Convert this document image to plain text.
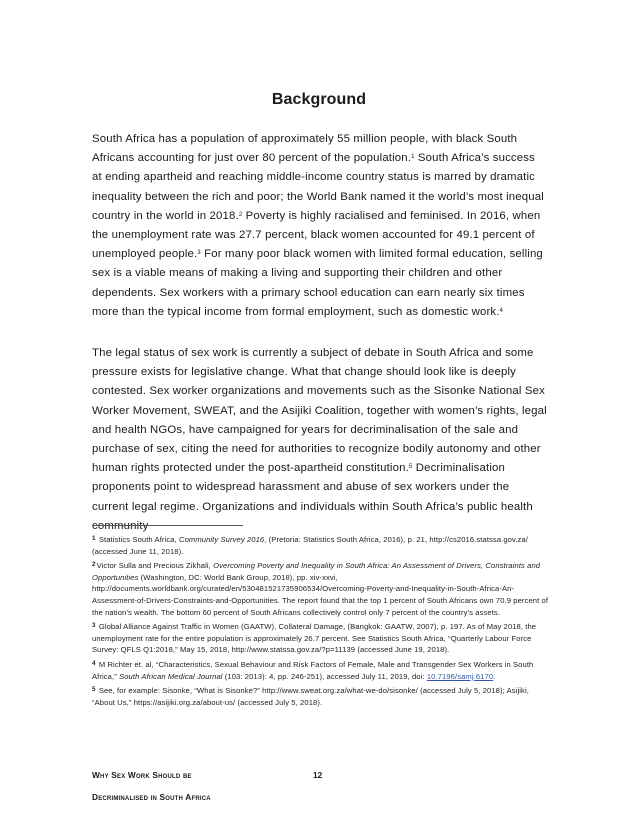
Background

South Africa has a population of approximately 55 million people, with black South Africans accounting for just over 80 percent of the population.$^1$ South Africa’s success at ending apartheid and reaching middle-income country status is marred by dramatic inequality between the rich and poor; the World Bank named it the world’s most inequal country in the world in 2018.$^2$ Poverty is highly racialised and feminised. In 2016, when the unemployment rate was 27.7 percent, black women accounted for 49.1 percent of unemployed people.$^3$ For many poor black women with limited formal education, selling sex is a viable means of making a living and supporting their children and other dependents. Sex workers with a primary school education can earn nearly six times more than the typical income from formal employment, such as domestic work.$^4$

The legal status of sex work is currently a subject of debate in South Africa and some pressure exists for legislative change. What that change should look like is deeply contested. Sex worker organizations and movements such as the Sisonke National Sex Worker Movement, SWEAT, and the Asijiki Coalition, together with women’s rights, legal and health NGOs, have campaigned for years for decriminalisation of the sale and purchase of sex, citing the need for authorities to recognize bodily autonomy and other human rights protected under the post-apartheid constitution.$^5$ Decriminalisation proponents point to widespread harassment and abuse of sex workers under the current legal regime. Organizations and individuals within South Africa’s public health community

$^1$ Statistics South Africa, Community Survey 2016, (Pretoria: Statistics South Africa, 2016), p. 21, http://cs2016.statssa.gov.za/ (accessed June 11, 2018).

$^2$Victor Sulla and Precious Zikhali, Overcoming Poverty and Inequality in South Africa: An Assessment of Drivers, Constraints and Opportunities (Washington, DC: World Bank Group, 2018), pp. xiv-xxvi, http://documents.worldbank.org/curated/en/530481521735906534/Overcoming-Poverty-and-Inequality-in-South-Africa-An-Assessment-of-Drivers-Constraints-and-Opportunities. The report found that the top 1 percent of South Africans own 70.9 percent of the nation’s wealth. The bottom 60 percent of South Africans collectively control only 7 percent of the country’s assets.

$^3$ Global Alliance Against Traffic in Women (GAATW), Collateral Damage, (Bangkok: GAATW, 2007), p. 197. As of May 2018, the unemployment rate for the entire population is approximately 26.7 percent. See Statistics South Africa, “Quarterly Labour Force Survey: QFLS Q1:2018,” May 15, 2018, http://www.statssa.gov.za/?p=11139 (accessed June 19, 2018).

$^4$ M Richter et. al, “Characteristics, Sexual Behaviour and Risk Factors of Female, Male and Transgender Sex Workers in South Africa,” South African Medical Journal (103: 2013): 4, pp. 246-251), accessed July 11, 2019, doi: 10.7196/samj.6170.

$^5$ See, for example: Sisonke, “What is Sisonke?” http://www.sweat.org.za/what-we-do/sisonke/ (accessed July 5, 2018); Asijiki, “About Us,” https://asijiki.org.za/about-us/ (accessed July 5, 2018).

Why Sex Work Should be
Decriminalised in South Africa
12
